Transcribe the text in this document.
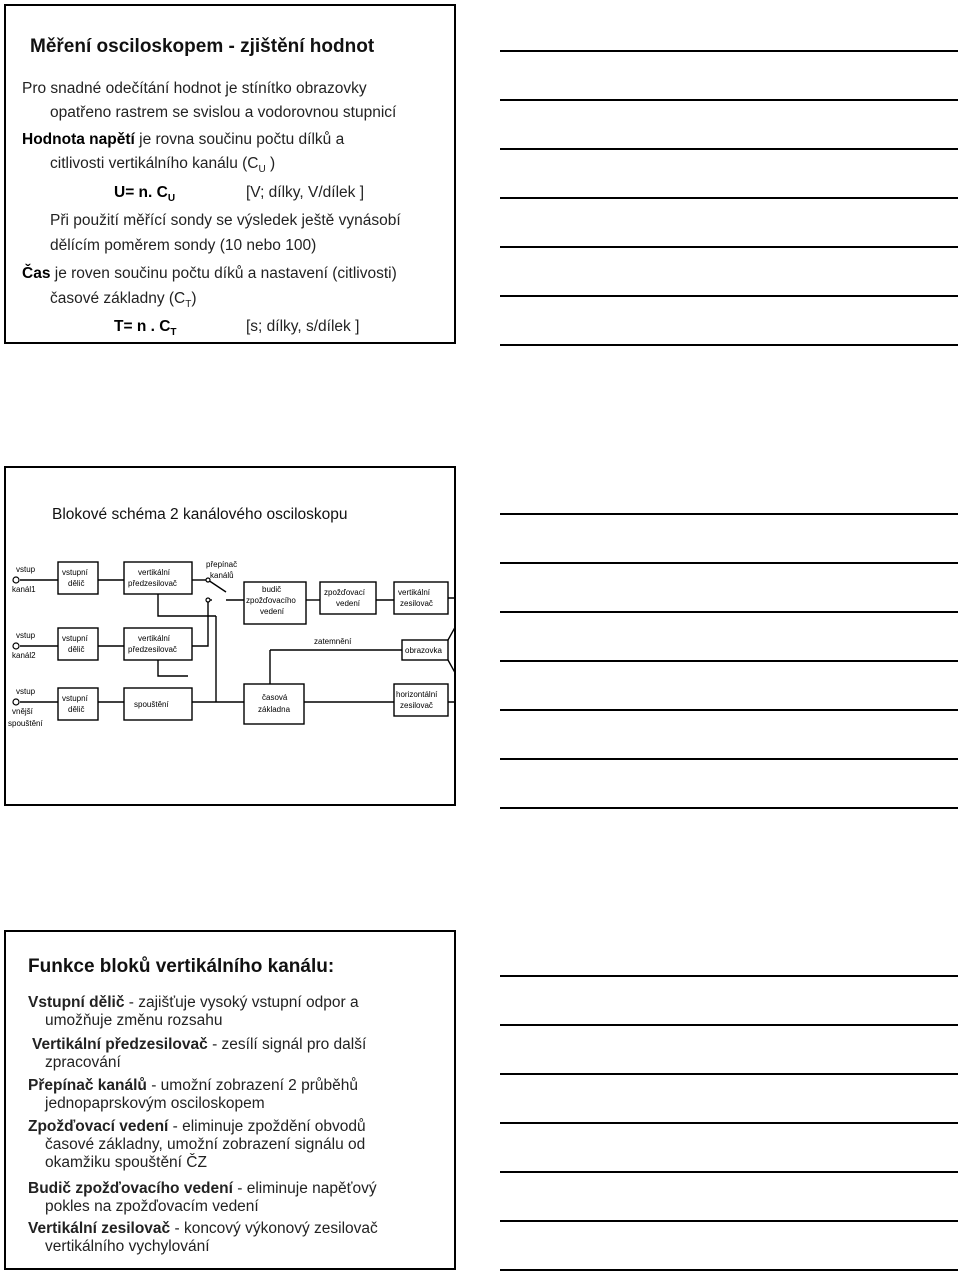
Měření osciloskopem - zjištění hodnot
Pro snadné odečítání hodnot je stínítko obrazovky
opatřeno rastrem se svislou a vodorovnou stupnicí
Hodnota napětí je rovna součinu počtu dílků a
citlivosti vertikálního kanálu ($C_U$ )
U= n. $C_U$	[V; dílky, V/dílek ]
Při použití měřící sondy se výsledek ještě vynásobí
dělícím poměrem sondy (10 nebo 100)
Čas je roven součinu počtu díků a nastavení (citlivosti)
časové základny $(C_T)$
T= n . $C_T$	[s; dílky, s/dílek ]
Blokové schéma 2 kanálového osciloskopu
vstup
kanál1
vstup
kanál2
vstup
vnější
spouštění
vstupní
dělič
vertikální
předzesilovač
přepínač
kanálů
budič
zpožďovacího
vedení
zpožďovací
vedení
vertikální
zesilovač
vstupní
dělič
vertikální
předzesilovač
zatemnění
obrazovka
vstupní
dělič
spouštění
časová
základna
horizontální
zesilovač
Funkce bloků vertikálního kanálu:
Vstupní dělič - zajišťuje vysoký vstupní odpor a
umožňuje změnu rozsahu
Vertikální předzesilovač - zesílí signál pro další
zpracování
Přepínač kanálů - umožní zobrazení 2 průběhů
jednopaprskovým osciloskopem
Zpožďovací vedení - eliminuje zpoždění obvodů
časové základny, umožní zobrazení signálu od
okamžiku spouštění ČZ
Budič zpožďovacího vedení - eliminuje napěťový
pokles na zpožďovacím vedení
Vertikální zesilovač - koncový výkonový zesilovač
vertikálního vychylování
